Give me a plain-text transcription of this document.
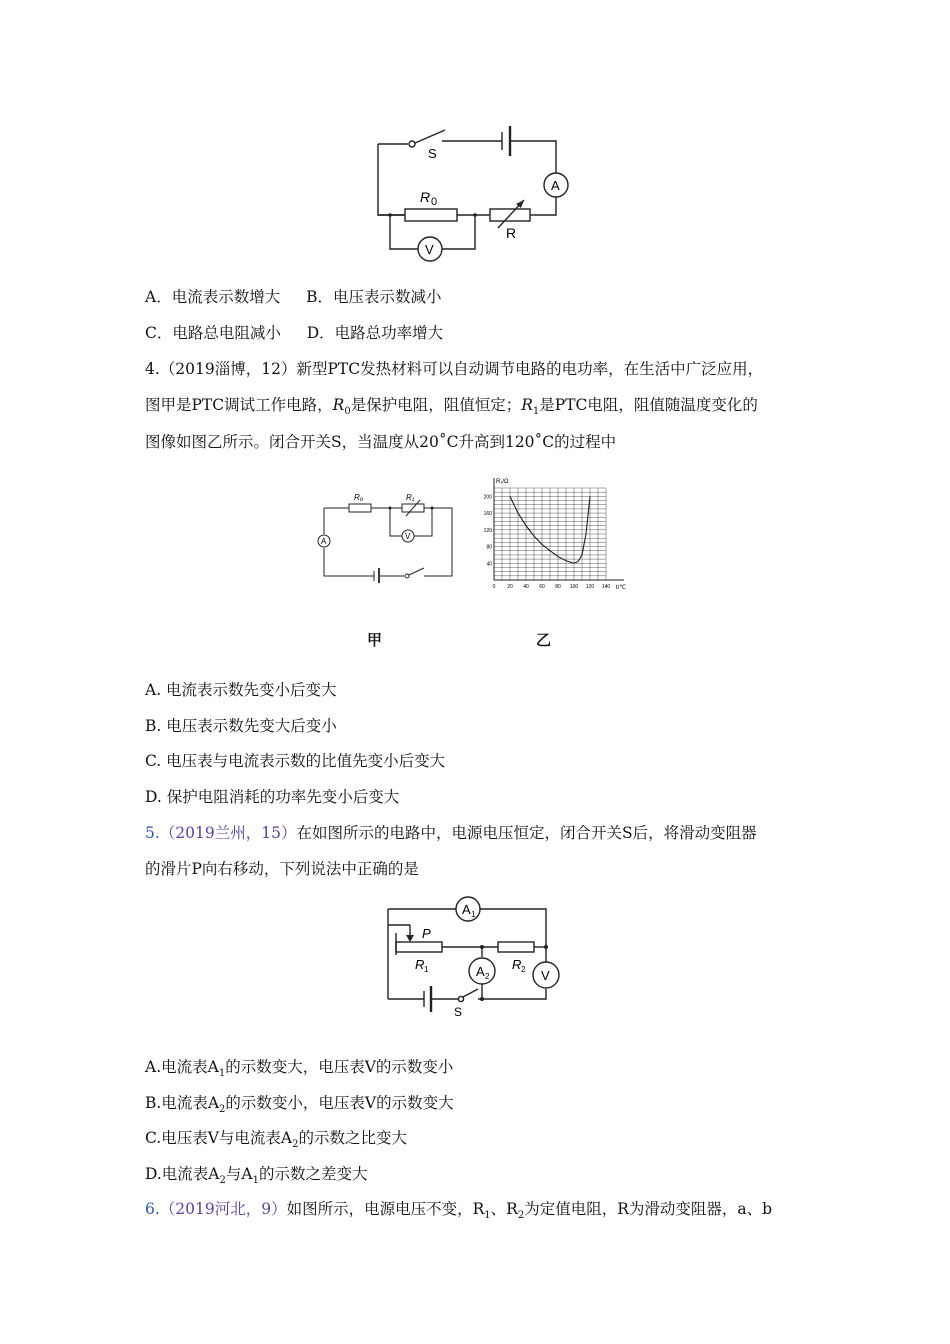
S
A
V
R 0
R
A．电流表示数增大 B．电压表示数减小
C．电路总电阻减小 D．电路总功率增大
4.（2019淄博，12）新型PTC发热材料可以自动调节电路的电功率，在生活中广泛应用，
图甲是PTC调试工作电路，$R_0$是保护电阻，阻值恒定；$R_1$是PTC电阻，阻值随温度变化的
图像如图乙所示。闭合开关S，当温度从20˚C升高到120˚C的过程中
A
V
R₀	R₁
40
80
120
160
200
0 20 40 60 80 100 120 140
R₁/Ω
t/℃
甲	乙
A. 电流表示数先变小后变大
B. 电压表示数先变大后变小
C. 电压表与电流表示数的比值先变小后变大
D. 保护电阻消耗的功率先变小后变大
5.（2019兰州，15）在如图所示的电路中，电源电压恒定，闭合开关S后，将滑动变阻器
的滑片P向右移动，下列说法中正确的是
A 1
A 2	V
P
R 1	R 2
S
A.电流表$A_1$的示数变大，电压表V的示数变小
B.电流表$A_2$的示数变小，电压表V的示数变大
C.电压表V与电流表$A_2$的示数之比变大
D.电流表$A_2$与$A_1$的示数之差变大
6.（2019河北，9）如图所示，电源电压不变，$R_1$、$R_2$为定值电阻，R为滑动变阻器，a、b
